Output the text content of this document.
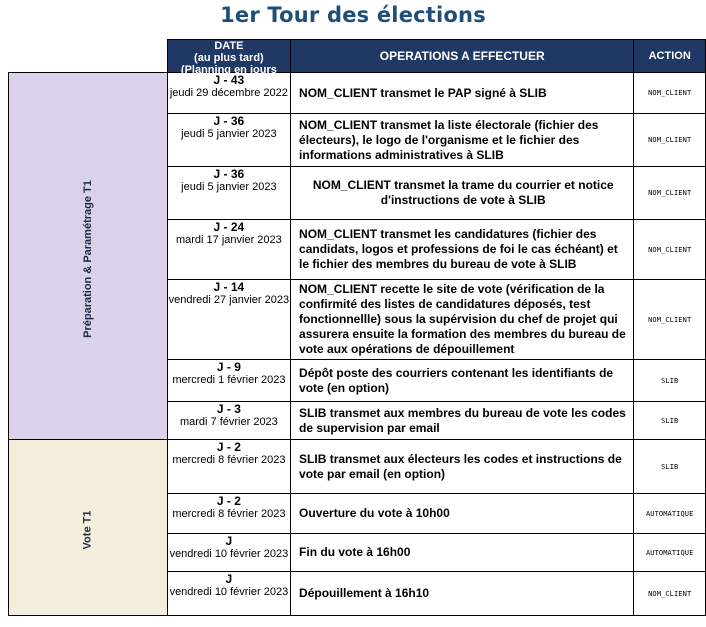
1er Tour des élections

	DATE
(au plus tard)
(Planning en jours	OPERATIONS A EFFECTUER	ACTION
Préparation & Paramétrage T1	J - 43
jeudi 29 décembre 2022	NOM_CLIENT transmet le PAP signé à SLIB	NOM_CLIENT

	J - 36
jeudi 5 janvier 2023	NOM_CLIENT transmet la liste électorale (fichier des électeurs), le logo de l'organisme et le fichier des informations administratives à SLIB	NOM_CLIENT

	J - 36
jeudi 5 janvier 2023	NOM_CLIENT transmet la trame du courrier et notice d'instructions de vote à SLIB	NOM_CLIENT

	J - 24
mardi 17 janvier 2023	NOM_CLIENT transmet les candidatures (fichier des candidats, logos et professions de foi le cas échéant) et le fichier des membres du bureau de vote à SLIB	NOM_CLIENT

	J - 14
vendredi 27 janvier 2023	NOM_CLIENT recette le site de vote (vérification de la confirmité des listes de candidatures déposés, test fonctionnellle) sous la supérvision du chef de projet qui assurera ensuite la formation des membres du bureau de vote aux opérations de dépouillement	NOM_CLIENT

	J - 9
mercredi 1 février 2023	Dépôt poste des courriers contenant les identifiants de vote (en option)	SLIB

	J - 3
mardi 7 février 2023	SLIB transmet aux membres du bureau de vote les codes de supervision par email	SLIB
Vote T1	J - 2
mercredi 8 février 2023	SLIB transmet aux électeurs les codes et instructions de vote par email (en option)	SLIB

	J - 2
mercredi 8 février 2023	Ouverture du vote à 10h00	AUTOMATIQUE

	J
vendredi 10 février 2023	Fin du vote à 16h00	AUTOMATIQUE

	J
vendredi 10 février 2023	Dépouillement à 16h10	NOM_CLIENT
